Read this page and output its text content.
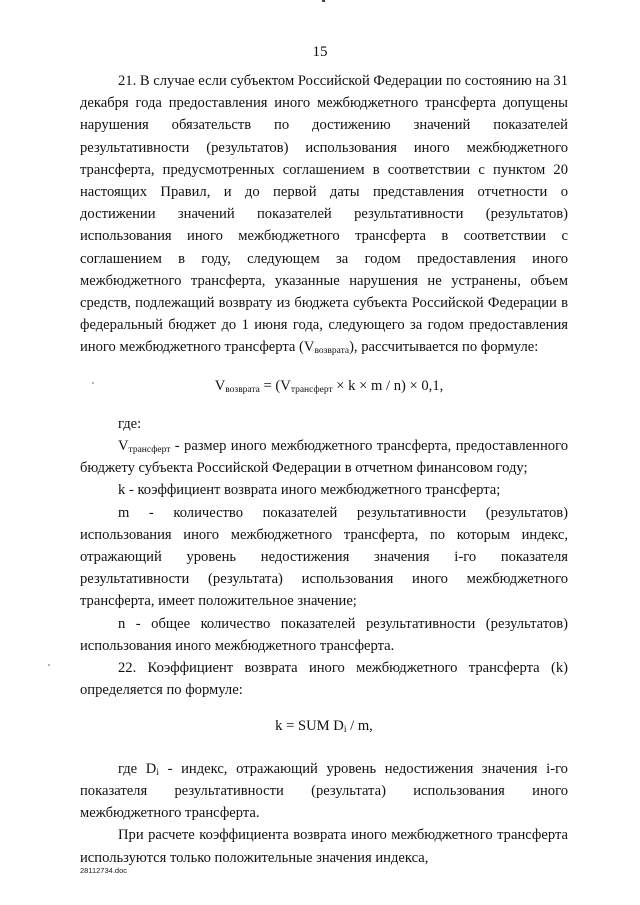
15

21. В случае если субъектом Российской Федерации по состоянию на 31 декабря года предоставления иного межбюджетного трансферта допущены нарушения обязательств по достижению значений показателей результативности (результатов) использования иного межбюджетного трансферта, предусмотренных соглашением в соответствии с пунктом 20 настоящих Правил, и до первой даты представления отчетности о достижении значений показателей результативности (результатов) использования иного межбюджетного трансферта в соответствии с соглашением в году, следующем за годом предоставления иного межбюджетного трансферта, указанные нарушения не устранены, объем средств, подлежащий возврату из бюджета субъекта Российской Федерации в федеральный бюджет до 1 июня года, следующего за годом предоставления иного межбюджетного трансферта $(V_{возврата})$, рассчитывается по формуле:

$V_{возврата} = (V_{трансферт} \times k \times m / n) \times 0,1$,

где:

$V_{трансферт}$ - размер иного межбюджетного трансферта, предоставленного бюджету субъекта Российской Федерации в отчетном финансовом году;

k - коэффициент возврата иного межбюджетного трансферта;

m - количество показателей результативности (результатов) использования иного межбюджетного трансферта, по которым индекс, отражающий уровень недостижения значения i-го показателя результативности (результата) использования иного межбюджетного трансферта, имеет положительное значение;

n - общее количество показателей результативности (результатов) использования иного межбюджетного трансферта.

22. Коэффициент возврата иного межбюджетного трансферта (k) определяется по формуле:

k = SUM $D_i$ / m,

где $D_i$ - индекс, отражающий уровень недостижения значения i-го показателя результативности (результата) использования иного межбюджетного трансферта.

При расчете коэффициента возврата иного межбюджетного трансферта используются только положительные значения индекса,

28112734.doc
